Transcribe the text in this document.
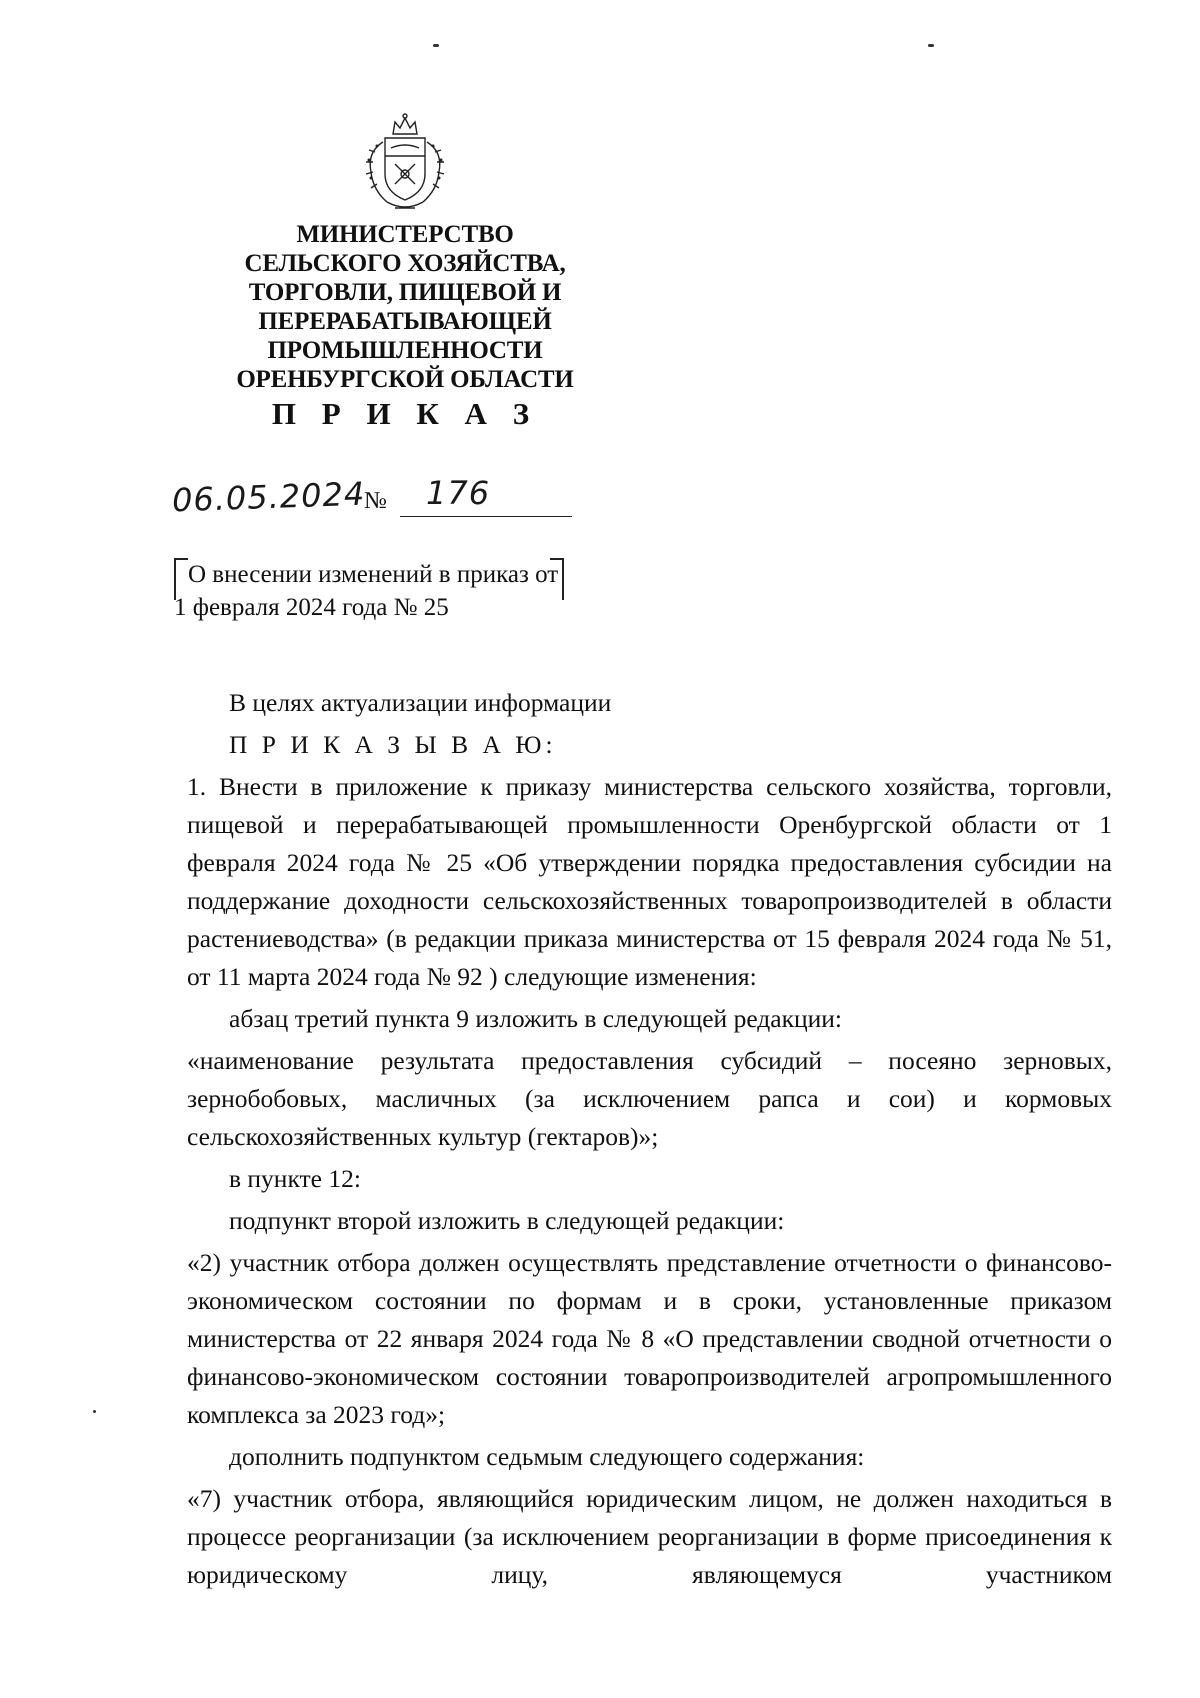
МИНИСТЕРСТВО
СЕЛЬСКОГО ХОЗЯЙСТВА,
ТОРГОВЛИ, ПИЩЕВОЙ И
ПЕРЕРАБАТЫВАЮЩЕЙ
ПРОМЫШЛЕННОСТИ
ОРЕНБУРГСКОЙ ОБЛАСТИ
П Р И К А З
06.05.2024
№ 176
О внесении изменений в приказ от
1 февраля 2024 года № 25

В целях актуализации информации

П Р И К А З Ы В А Ю:

1. Внести в приложение к приказу министерства сельского хозяйства, торговли, пищевой и перерабатывающей промышленности Оренбургской области от 1 февраля 2024 года № 25 «Об утверждении порядка предоставления субсидии на поддержание доходности сельскохозяйственных товаропроизводителей в области растениеводства» (в редакции приказа министерства от 15 февраля 2024 года № 51, от 11 марта 2024 года № 92 ) следующие изменения:

абзац третий пункта 9 изложить в следующей редакции:

«наименование результата предоставления субсидий – посеяно зерновых, зернобобовых, масличных (за исключением рапса и сои) и кормовых сельскохозяйственных культур (гектаров)»;

в пункте 12:

подпункт второй изложить в следующей редакции:

«2) участник отбора должен осуществлять представление отчетности о финансово-экономическом состоянии по формам и в сроки, установленные приказом министерства от 22 января 2024 года № 8 «О представлении сводной отчетности о финансово-экономическом состоянии товаропроизводителей агропромышленного комплекса за 2023 год»;

дополнить подпунктом седьмым следующего содержания:

«7) участник отбора, являющийся юридическим лицом, не должен находиться в процессе реорганизации (за исключением реорганизации в форме присоединения к юридическому лицу, являющемуся участником
